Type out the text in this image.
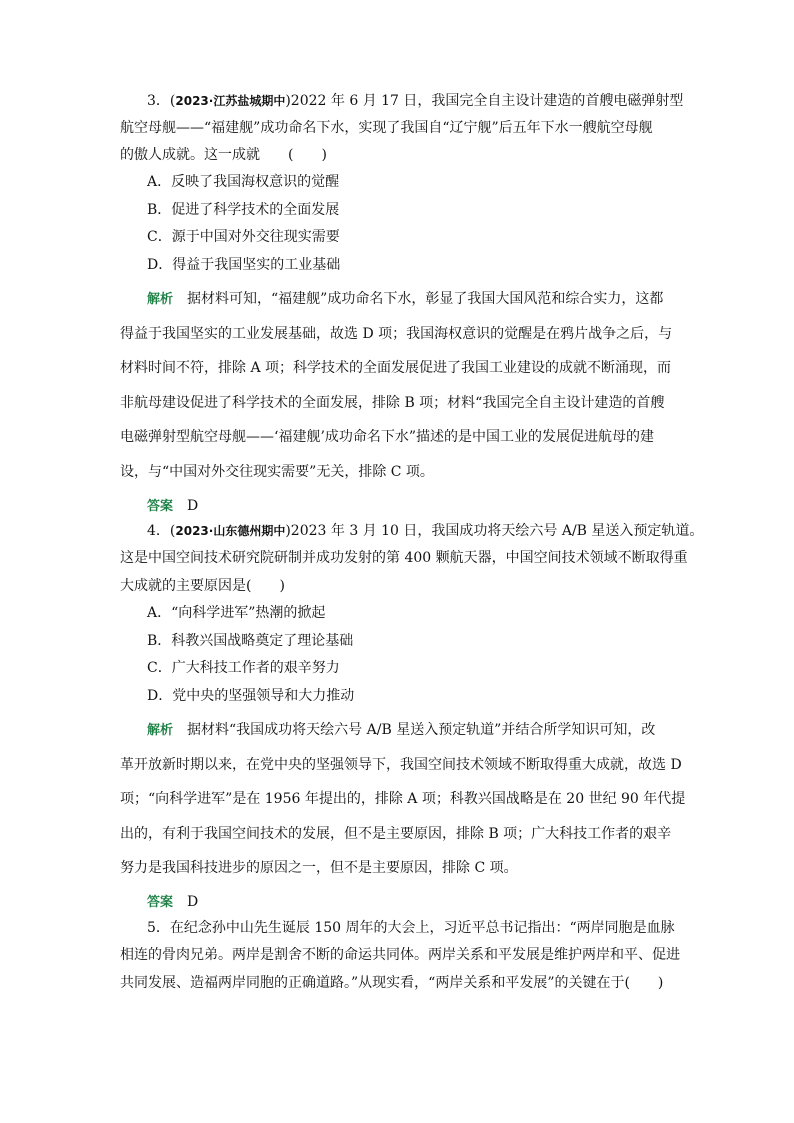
3．(2023·江苏盐城期中)2022 年 6 月 17 日，我国完全自主设计建造的首艘电磁弹射型
航空母舰——“福建舰”成功命名下水，实现了我国自“辽宁舰”后五年下水一艘航空母舰
的傲人成就。这一成就　　(　　)
A．反映了我国海权意识的觉醒
B．促进了科学技术的全面发展
C．源于中国对外交往现实需要
D．得益于我国坚实的工业基础
解析　 据材料可知，“福建舰”成功命名下水，彰显了我国大国风范和综合实力，这都
得益于我国坚实的工业发展基础，故选 D 项；我国海权意识的觉醒是在鸦片战争之后，与
材料时间不符，排除 A 项；科学技术的全面发展促进了我国工业建设的成就不断涌现，而
非航母建设促进了科学技术的全面发展，排除 B 项；材料“我国完全自主设计建造的首艘
电磁弹射型航空母舰——‘福建舰’成功命名下水”描述的是中国工业的发展促进航母的建
设，与“中国对外交往现实需要”无关，排除 C 项。
答案　 D
4．(2023·山东德州期中)2023 年 3 月 10 日，我国成功将天绘六号 A/B 星送入预定轨道。
这是中国空间技术研究院研制并成功发射的第 400 颗航天器，中国空间技术领域不断取得重
大成就的主要原因是(　　)
A．“向科学进军”热潮的掀起
B．科教兴国战略奠定了理论基础
C．广大科技工作者的艰辛努力
D．党中央的坚强领导和大力推动
解析　 据材料“我国成功将天绘六号 A/B 星送入预定轨道”并结合所学知识可知，改
革开放新时期以来，在党中央的坚强领导下，我国空间技术领域不断取得重大成就，故选 D
项；“向科学进军”是在 1956 年提出的，排除 A 项；科教兴国战略是在 20 世纪 90 年代提
出的，有利于我国空间技术的发展，但不是主要原因，排除 B 项；广大科技工作者的艰辛
努力是我国科技进步的原因之一，但不是主要原因，排除 C 项。
答案　 D
5．在纪念孙中山先生诞辰 150 周年的大会上，习近平总书记指出：“两岸同胞是血脉
相连的骨肉兄弟。两岸是割舍不断的命运共同体。两岸关系和平发展是维护两岸和平、促进
共同发展、造福两岸同胞的正确道路。”从现实看，“两岸关系和平发展”的关键在于(　　)
